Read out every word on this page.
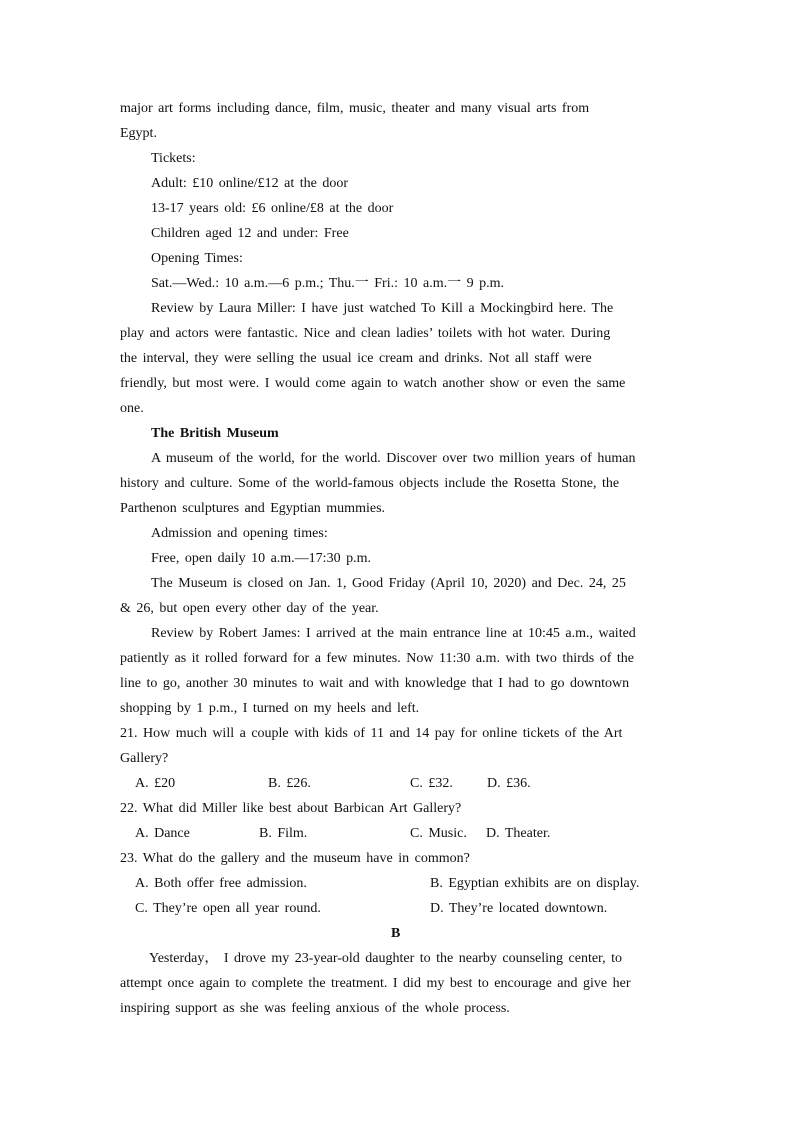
major art forms including dance, film, music, theater and many visual arts from
Egypt.
Tickets:
Adult: £10 online/£12 at the door
13-17 years old: £6 online/£8 at the door
Children aged 12 and under: Free
Opening Times:
Sat.—Wed.: 10 a.m.—6 p.m.; Thu.一 Fri.: 10 a.m.一 9 p.m.
Review by Laura Miller: I have just watched To Kill a Mockingbird here. The
play and actors were fantastic. Nice and clean ladies’ toilets with hot water. During
the interval, they were selling the usual ice cream and drinks. Not all staff were
friendly, but most were. I would come again to watch another show or even the same
one.
The British Museum
A museum of the world, for the world. Discover over two million years of human
history and culture. Some of the world-famous objects include the Rosetta Stone, the
Parthenon sculptures and Egyptian mummies.
Admission and opening times:
Free, open daily 10 a.m.—17:30 p.m.
The Museum is closed on Jan. 1, Good Friday (April 10, 2020) and Dec. 24, 25
& 26, but open every other day of the year.
Review by Robert James: I arrived at the main entrance line at 10:45 a.m., waited
patiently as it rolled forward for a few minutes. Now 11:30 a.m. with two thirds of the
line to go, another 30 minutes to wait and with knowledge that I had to go downtown
shopping by 1 p.m., I turned on my heels and left.
21. How much will a couple with kids of 11 and 14 pay for online tickets of the Art
Gallery?
A. £20	B. £26.	C. £32. D. £36.
22. What did Miller like best about Barbican Art Gallery?
A. Dance	B. Film.	C. Music. D. Theater.
23. What do the gallery and the museum have in common?
A. Both offer free admission.	B. Egyptian exhibits are on display.
C. They’re open all year round.	D. They’re located downtown.
B
Yesterday， I drove my 23-year-old daughter to the nearby counseling center, to
attempt once again to complete the treatment. I did my best to encourage and give her
inspiring support as she was feeling anxious of the whole process.
